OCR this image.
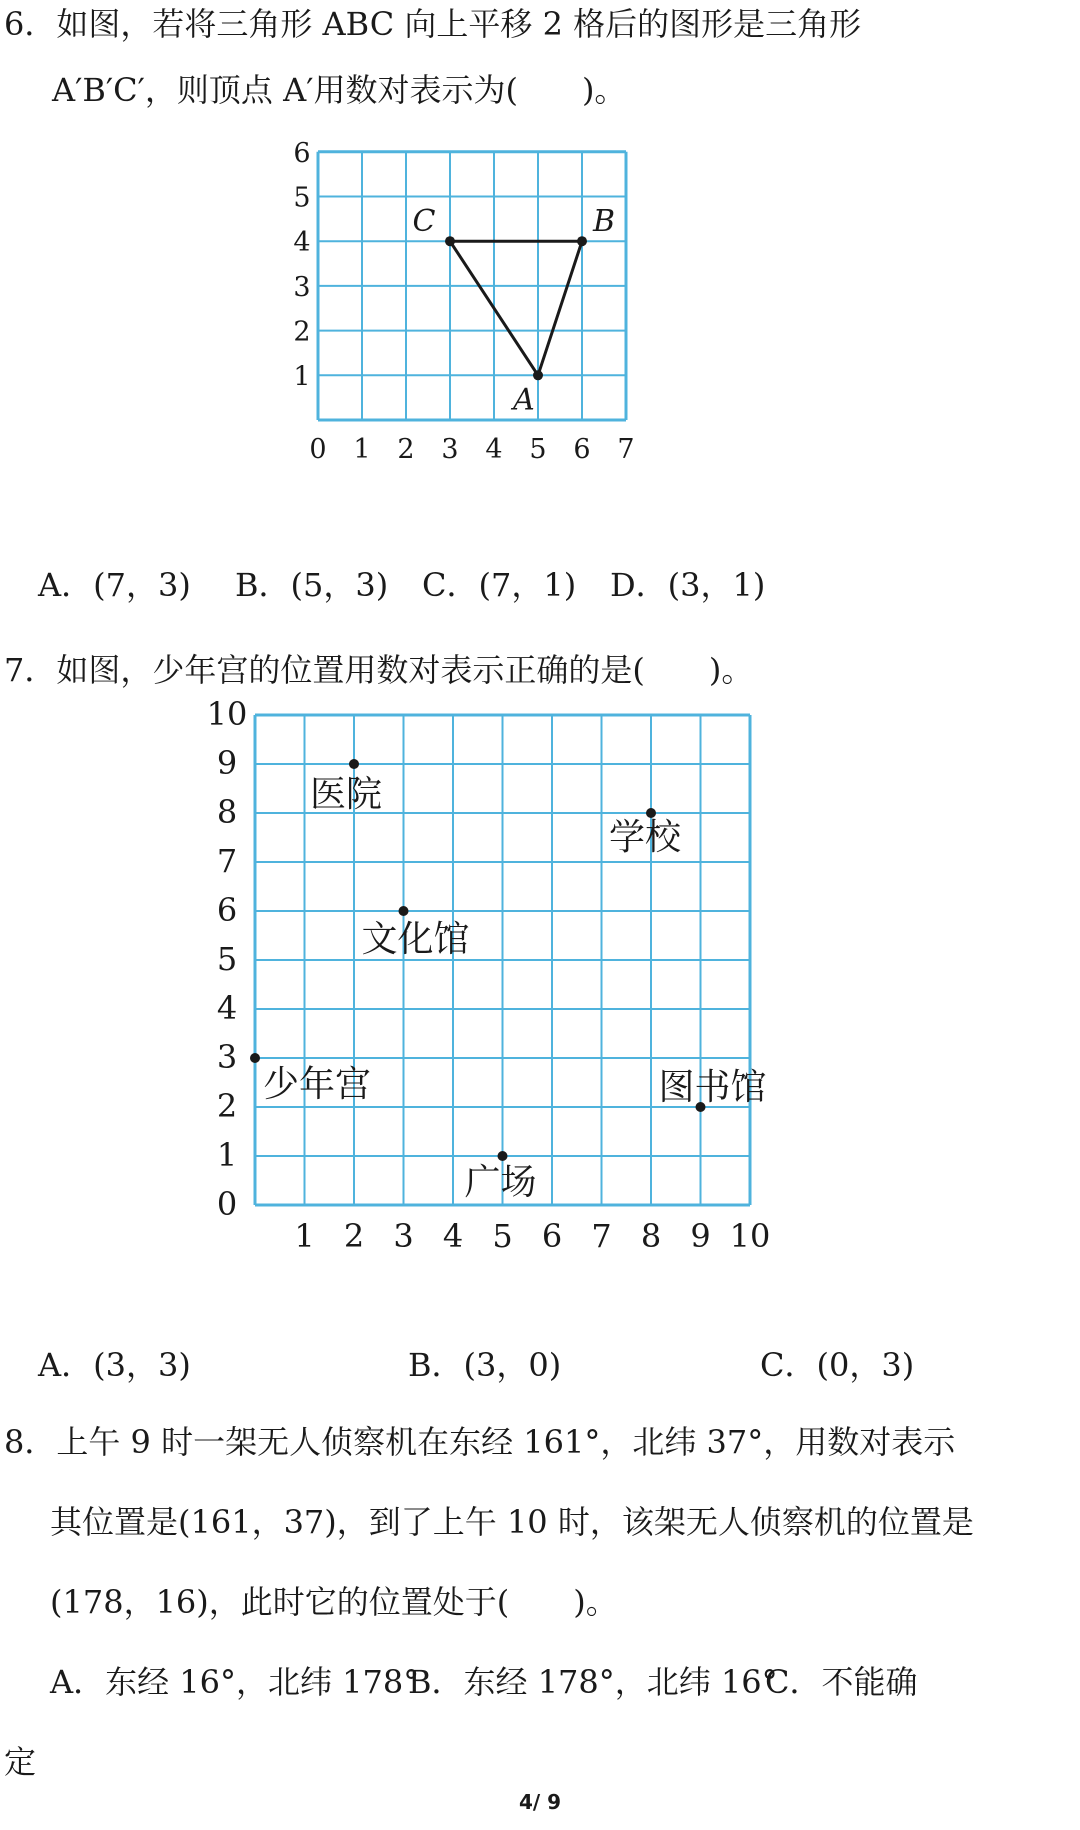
6．如图，若将三角形 ABC 向上平移 2 格后的图形是三角形
A′B′C′，则顶点 A′用数对表示为(　　)。
0 1 2 3 4 5 6 7
1
2
3
4
5
6
A
B
C
A．(7，3) B．(5，3) C．(7，1) D．(3，1)
7．如图，少年宫的位置用数对表示正确的是(　　)。
1 2 3 4 5 6 7 8 9 10
0
1
2
3
4
5
6
7
8
9
10
医院
学校
文化馆
少年宫	图书馆
广场
A．(3，3)	B．(3，0)	C．(0，3)
8．上午 9 时一架无人侦察机在东经 161°，北纬 37°，用数对表示
其位置是(161，37)，到了上午 10 时，该架无人侦察机的位置是
(178，16)，此时它的位置处于(　　)。
A．东经 16°，北纬 178°
B．东经 178°，北纬 16°
C．不能确
定
4/ 9
